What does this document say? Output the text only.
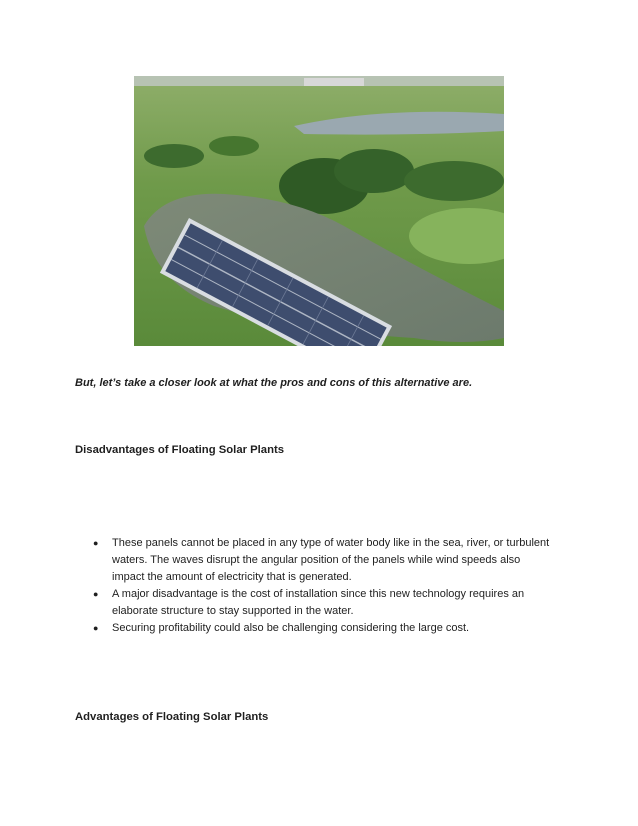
But, let’s take a closer look at what the pros and cons of this alternative are.

Disadvantages of Floating Solar Plants
● These panels cannot be placed in any type of water body like in the sea, river, or turbulent waters. The waves disrupt the angular position of the panels while wind speeds also impact the amount of electricity that is generated.
● A major disadvantage is the cost of installation since this new technology requires an elaborate structure to stay supported in the water.
● Securing profitability could also be challenging considering the large cost.
Advantages of Floating Solar Plants
